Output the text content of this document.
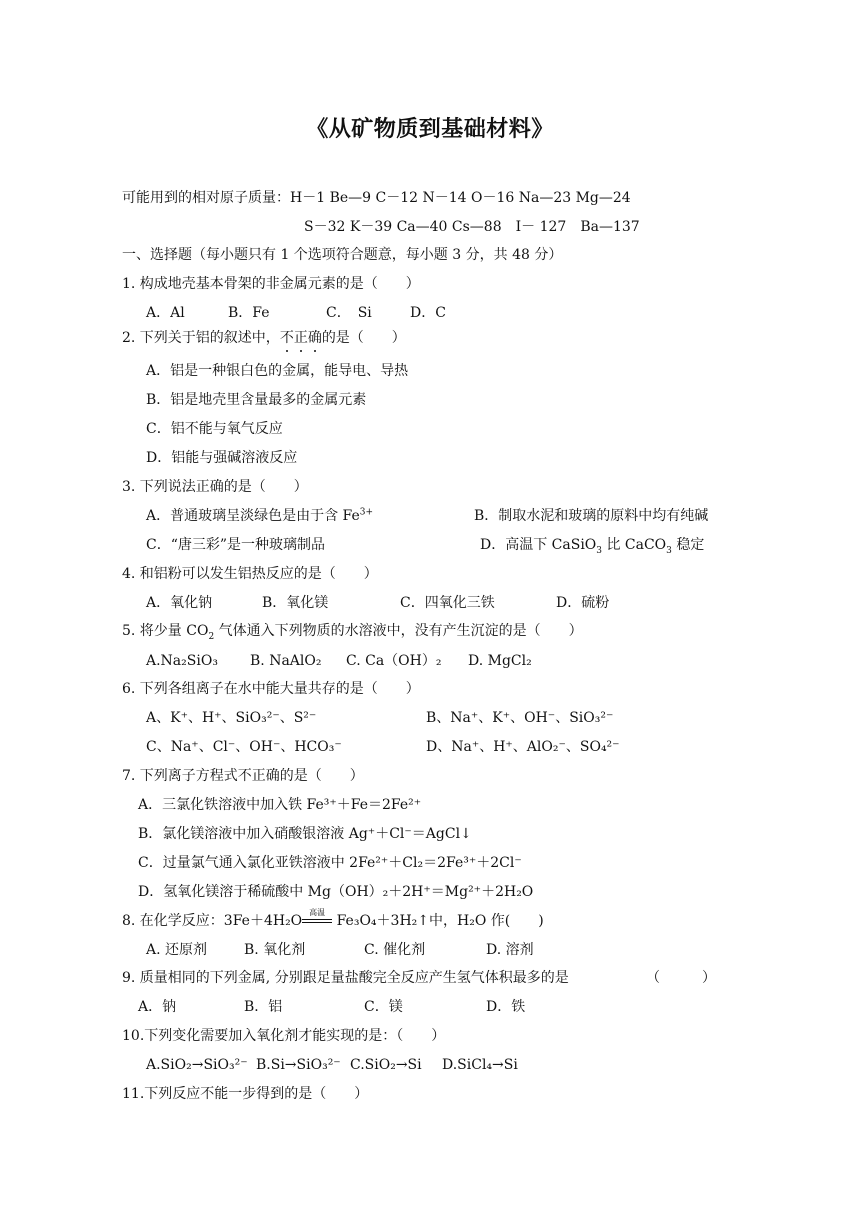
《从矿物质到基础材料》
可能用到的相对原子质量：H－1 Be—9 C－12 N－14 O－16 Na—23 Mg—24
S－32 K－39 Ca—40 Cs—88　I－ 127　Ba—137
一、选择题（每小题只有 1 个选项符合题意，每小题 3 分，共 48 分）
1. 构成地壳基本骨架的非金属元素的是（　　）
A．Al	B．Fe	C．　Si	D．C
2. 下列关于铝的叙述中，不正确的是（　　）
A．铝是一种银白色的金属，能导电、导热
B．铝是地壳里含量最多的金属元素
C．铝不能与氧气反应
D．铝能与强碱溶液反应
3. 下列说法正确的是（　　）
A．普通玻璃呈淡绿色是由于含 $Fe^{3+}$	B．制取水泥和玻璃的原料中均有纯碱
C．“唐三彩”是一种玻璃制品	D．高温下 CaSiO$_3$ 比 CaCO$_3$ 稳定
4. 和铝粉可以发生铝热反应的是（　　）
A．氧化钠	B．氧化镁	C．四氧化三铁	D．硫粉
5. 将少量 $CO_2$ 气体通入下列物质的水溶液中，没有产生沉淀的是（　　）
A.Na₂SiO₃ B. NaAlO₂ C. Ca（OH）₂ D. MgCl₂
6. 下列各组离子在水中能大量共存的是（　　）
A、K⁺、H⁺、SiO₃²⁻、S²⁻	B、Na⁺、K⁺、OH⁻、SiO₃²⁻
C、Na⁺、Cl⁻、OH⁻、HCO₃⁻	D、Na⁺、H⁺、AlO₂⁻、SO₄²⁻
7. 下列离子方程式不正确的是（　　）
A．三氯化铁溶液中加入铁 Fe³⁺＋Fe＝2Fe²⁺
B．氯化镁溶液中加入硝酸银溶液 Ag⁺＋Cl⁻＝AgCl↓
C．过量氯气通入氯化亚铁溶液中 2Fe²⁺＋Cl₂＝2Fe³⁺＋2Cl⁻
D．氢氧化镁溶于稀硫酸中 Mg（OH）₂＋2H⁺＝Mg²⁺＋2H₂O
8. 在化学反应：3Fe＋4H₂O
高温
Fe₃O₄＋3H₂↑中，H₂O 作(　　)
A. 还原剂	B. 氧化剂	C. 催化剂	D. 溶剂
9. 质量相同的下列金属, 分别跟足量盐酸完全反应产生氢气体积最多的是	（　　　）
A．钠	B．铝	C．镁	D．铁
10.下列变化需要加入氧化剂才能实现的是：（　　）
A.SiO₂→SiO₃²⁻ B.Si→SiO₃²⁻ C.SiO₂→Si D.SiCl₄→Si
11.下列反应不能一步得到的是（　　）
